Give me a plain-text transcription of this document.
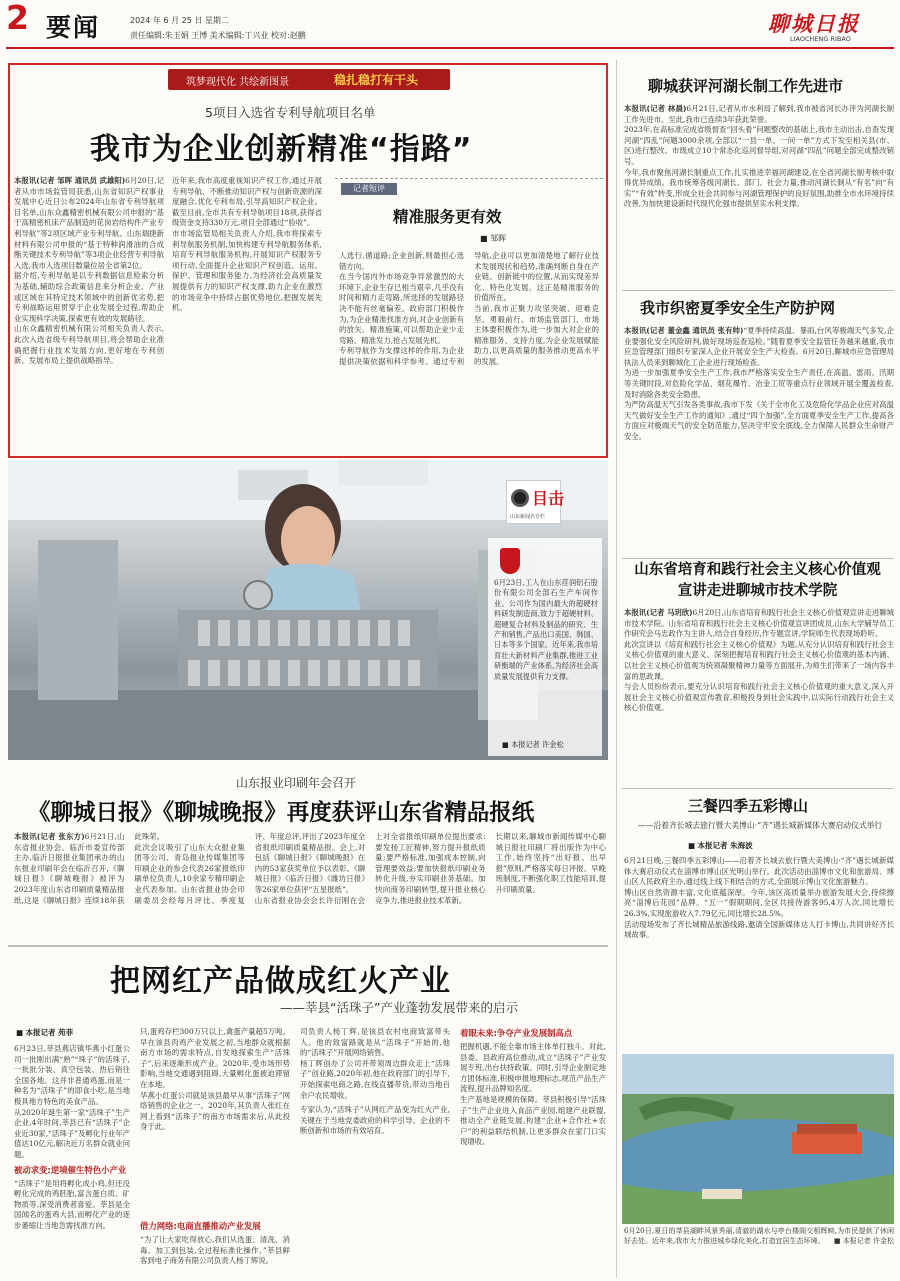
2 要闻	2024 年 6 月 25 日 星期二
责任编辑:朱玉娟 王博 美术编辑:丁兴业 校对:赵鹏	聊城日报
LIAOCHENG RIBAO
筑梦现代化 共绘新图景	稳扎稳打有干头
5项目入选省专利导航项目名单
我市为企业创新精准“指路”
本报讯(记者 邹晖 通讯员 武雄阳)6月20日,记者从市市场监管局获悉,山东省知识产权事业发展中心近日公布2024年山东省专利导航项目名单,山东众鑫精密机械有限公司申报的“基于高精密机床产品制造的花岗岩结构件产业专利导航”等2项区域产业专利导航、山东瑞捷新材料有限公司申报的“基于特种润滑油的合成酯关键技术专利导航”等3项企业经营专利导航入选,我市入选项目数量位居全省第2位。
据介绍,专利导航是以专利数据信息检索分析为基础,辅助综合政策信息来分析企业、产业或区域在其特定技术领域中的创新优劣势,把专利战略运用贯穿于企业发展全过程,帮助企业实现科学决策,探索更有效的发展路径。
山东众鑫精密机械有限公司相关负责人表示,此次入选省级专利导航项目,将会帮助企业准确把握行业技术发展方向,更好地在专利创新、发展布局上提供战略指导。
近年来,我市高度重视知识产权工作,通过开展专利导航、不断推动知识产权与创新资源的深度融合,优化专利布局,引导高知识产权企业。截至目前,全市共有专利导航项目18项,获得省级资金支持330万元,项目全部通过“验收”。
市市场监管局相关负责人介绍,我市将探索专利导航服务机制,加快构建专利导航服务体系,培育专利导航服务机构,开展知识产权服务专项行动,全面提升企业知识产权创造、运用、保护、管理和服务能力,为经济社会高质量发展提供有力的知识产权支撑,助力企业在激烈的市场竞争中持续占据优势地位,把握发展先机。
记者短评
精准服务更有效
■ 邹晖
人选行,循道路;企业创新,则最担心选错方向。
在当今国内外市场竞争异常激烈的大环境下,企业生存已相当艰辛,几乎没有时间和精力走弯路,所选择的发展路径决不能有丝毫偏差。政府部门积极作为,为企业精准找准方向,对企业创新有的放矢、精准施策,可以帮助企业少走弯路、精准发力,抢占发展先机。
专利导航作为支撑这样的作用,为企业提供决策依据和科学参考。通过专利导航,企业可以更加清楚地了解行业技术发展现状和趋势,准确判断自身在产业链、创新链中的位置,从而实现差异化、特色化发展。这正是精准服务的价值所在。
当前,我市正聚力攻坚突破、迎难克坚、勇毅前行。市场监管部门、市场主体要积极作为,进一步加大对企业的精准服务、支持力度,为企业发展赋能助力,以更高质量的服务推动更高水平的发展。
目击
山东新闻名专栏
6月23日,工人在山东荏润铝石股份有限公司全部石生产车间作业。公司作为国内最大的超硬材料研发制造商,致力于超硬材料、超硬复合材料及制品的研究、生产和销售,产品出口美国、韩国、日本等多个国家。近年来,我市培育壮大新材料产业集群,推进工业研衡端的产业体系,为经济社会高质量发展提供有力支撑。
■ 本报记者 许金松
山东报业印刷年会召开
《聊城日报》《聊城晚报》再度获评山东省精品报纸
本报讯(记者 张东方)6月21日,山东省报业协会、临沂市委宣传部主办,临沂日报报业集团承办的山东报业印刷年会在临沂召开,《聊城日报》《聊城晚报》被评为2023年度山东省印刷质量精品报纸,这是《聊城日报》连续18年获此殊荣。
此次会议吸引了山东大众报业集团等公司、青岛报业传媒集团等印刷企业的参会代表26家报纸印刷单位负责人,10余家专精印刷企业代表参加。山东省报业协会印刷委员会经每月评比、季度复评、年度总评,评出了2023年度全省报纸印刷质量精品报。会上,对包括《聊城日报》《聊城晚报》在内的53家获奖单位予以表彰。《聊城日报》《临沂日报》《潍坊日报》等26家单位获评“五星报纸”。
山东省报业协会会长许衍刚在会上对全省报纸印刷单位提出要求:要发扬工匠精神,努力提升报纸质量;要严格标准,加强成本控制,向管理要效益;要加快报纸印刷业务转化升级,夯实印刷业务基础。加快向商务印刷转型,提升报业核心竞争力,推进报业技术革新。
长期以来,聊城市新闻传媒中心聊城日报社印刷厂将出版作为中心工作,始终坚持“出好报、出早报”原则,严格落实每日评报、早晚班制度,不断强化职工技能培训,提升印刷质量。
把网红产品做成红火产业
——莘县“活珠子”产业蓬勃发展带来的启示
■ 本报记者 苑菲
6月23日,莘县燕店镇华燕小红蛋公司一批刚出满“熟”“珠子”的活珠子,一批批分装、真空包装、热后销往全国各地。这并非普通鸡蛋,而是一种名为“活珠子”的即食小吃,是当地极具地方特色的美食产品。
从2020年诞生第一家“活珠子”生产企业,4年时间,莘县已有“活珠子”企业近30家,“活珠子”及孵化行业年产值达10亿元,解决近万名群众就业问题。
被动求变:逆境催生特色小产业
“活珠子”是用将孵化成小鸡,但还没孵化完成的鸡胚胎,富含蛋白质、矿物质等,深受消费者喜爱。莘县是全国闻名的蛋鸡大县,而孵化产业的逐步萎缩让当地急需找准方向。
只,蛋鸡存栏300万只以上,禽蛋产量超5万吨。早在该县肉鸡产业发展之初,当地群众就根据南方市场的需求特点,自发地探索生产“活珠子”,后来逐渐形成产业。2020年,受市场形势影响,当地交通遇到阻碍,大量孵化蛋被迫滞留在本地。
华燕小红蛋公司就是该县最早从事“活珠子”网络销售的企业之一。2020年,其负责人张红在网上看到“活珠子”的南方市场需求后,从此投身于此。
借力网络:电商直播推动产业发展
“为了让大家吃得放心,我们从选蛋、清洗、消毒、加工到包装,全过程标准化操作。”莘县鲜客到电子商务有限公司负责人杨丁辉说。
司负责人杨丁辉,是该县农村电商致富带头人。他的致富路就是从“活珠子”开始的,他的“活珠子”开展网络销售。
杨丁辉创办了公司并带领周边群众走上“活珠子”创业路,2020年初,他在政府部门的引导下,开始探索电商之路,在线直播带货,带动当地百余户农民增收。
专家认为,“活珠子”从网红产品变为红火产业,关键在于当地党委政府的科学引导、企业的不断创新和市场的有效培育。
着眼未来:争夺产业发展制高点
把握机遇,不能全靠市场主体单打独斗。对此,县委、县政府高位推动,成立“活珠子”产业发展专班,出台扶持政策。同时,引导企业制定地方团体标准,积极申报地理标志,规范产品生产流程,提升品牌知名度。
生产基地是规模的保障。莘县积极引导“活珠子”生产企业进入食品产业园,组建产业联盟,推动全产业链发展,构建“企业+合作社+农户”的利益联结机制,让更多群众在家门口实现增收。
聊城获评河湖长制工作先进市
本报讯(记者 林晨)6月21日,记者从市水利局了解到,我市被省河长办评为河湖长制工作先进市。至此,我市已连续3年获此荣誉。
2023年,在高标准完成省级督查“回头看”问题整改的基础上,我市主动出击,自查发现河湖“四乱”问题3000余项,全部以“一县一单、一问一单”方式下发至相关县(市、区)进行整改。市级成立10个常态化巡河督导组,对河湖“四乱”问题全部完成整改销号。
今年,我市聚焦河湖长制重点工作,扎实推进幸福河湖建设,在全省河湖长制考核中取得优异成绩。我市统筹各级河湖长、部门、社会力量,推动河湖长制从“有名”向“有实”“有效”转变,形成全社会共同参与河湖管理保护的良好氛围,助推全市水环境持续改善,为加快建设新时代现代化强市提供坚实水利支撑。
我市织密夏季安全生产防护网
本报讯(记者 董金鑫 通讯员 张有帅)“夏季持续高温、暴雨,台风等极端天气多发,企业要强化安全风险研判,做好现场巡查巡检。”随着夏季安全监管任务越来越重,我市应急管理部门组织专家深入企业开展安全生产大检查。6月20日,聊城市应急管理局执法人员来到聊城化工企业进行现场检查。
为进一步加强夏季安全生产工作,我市严格落实安全生产责任,在高温、雷雨、汛期等关键时段,对危险化学品、烟花爆竹、冶金工贸等重点行业领域开展全覆盖检查,及时消除各类安全隐患。
为严防高温天气引发各类事故,我市下发《关于全市化工及危险化学品企业应对高温天气做好安全生产工作的通知》,通过“四个加强”,全方面夏季安全生产工作,提高各方面应对极端天气的安全防范能力,坚决守牢安全底线,全力保障人民群众生命财产安全。
山东省培育和践行社会主义核心价值观宣讲走进聊城市技术学院
本报讯(记者 马玥欣)6月20日,山东省培育和践行社会主义核心价值观宣讲走进聊城市技术学院。山东省培育和践行社会主义核心价值观宣讲团成员,山东大学辅导员工作研究会马忠政作为主讲人,结合自身经历,作专题宣讲,学院师生代表现场聆听。
此次宣讲以《培育和践行社会主义核心价值观》为题,从充分认识培育和践行社会主义核心价值观的重大意义、深刻把握培育和践行社会主义核心价值观的基本内涵、以社会主义核心价值观为统领凝聚精神力量等方面展开,为师生们带来了一场内容丰富的思政课。
与会人员纷纷表示,要充分认识培育和践行社会主义核心价值观的重大意义,深入开展社会主义核心价值观宣传教育,积极投身到社会实践中,以实际行动践行社会主义核心价值观。
三餐四季五彩博山
——沿着齐长城去旅行暨大美博山·“齐”遇长城新媒体大赛启动仪式举行
■ 本报记者 朱海波
6月21日晚,三餐四季五彩博山——沿着齐长城去旅行暨大美博山·“齐”遇长城新媒体大赛启动仪式在淄博市博山区光明山举行。此次活动由淄博市文化和旅游局、博山区人民政府主办,通过线上线下相结合的方式,全面展示博山文化旅游魅力。
博山区自然资源丰富,文化底蕴深厚。今年,该区高质量举办旅游发展大会,持续擦亮“淄博后花园”品牌。“五一”假期期间,全区共接待游客95.4万人次,同比增长26.3%,实现旅游收入7.79亿元,同比增长28.5%。
活动现场发布了齐长城精品旅游线路,邀请全国新媒体达人打卡博山,共同讲好齐长城故事。
6月20日,夏日的莘县湖畔风景秀丽,清澈的湖水与亭台楼阁交相辉映,为市民提供了休闲好去处。近年来,我市大力推进城乡绿化美化,打造宜居生态环境。 ■ 本报记者 许金松
